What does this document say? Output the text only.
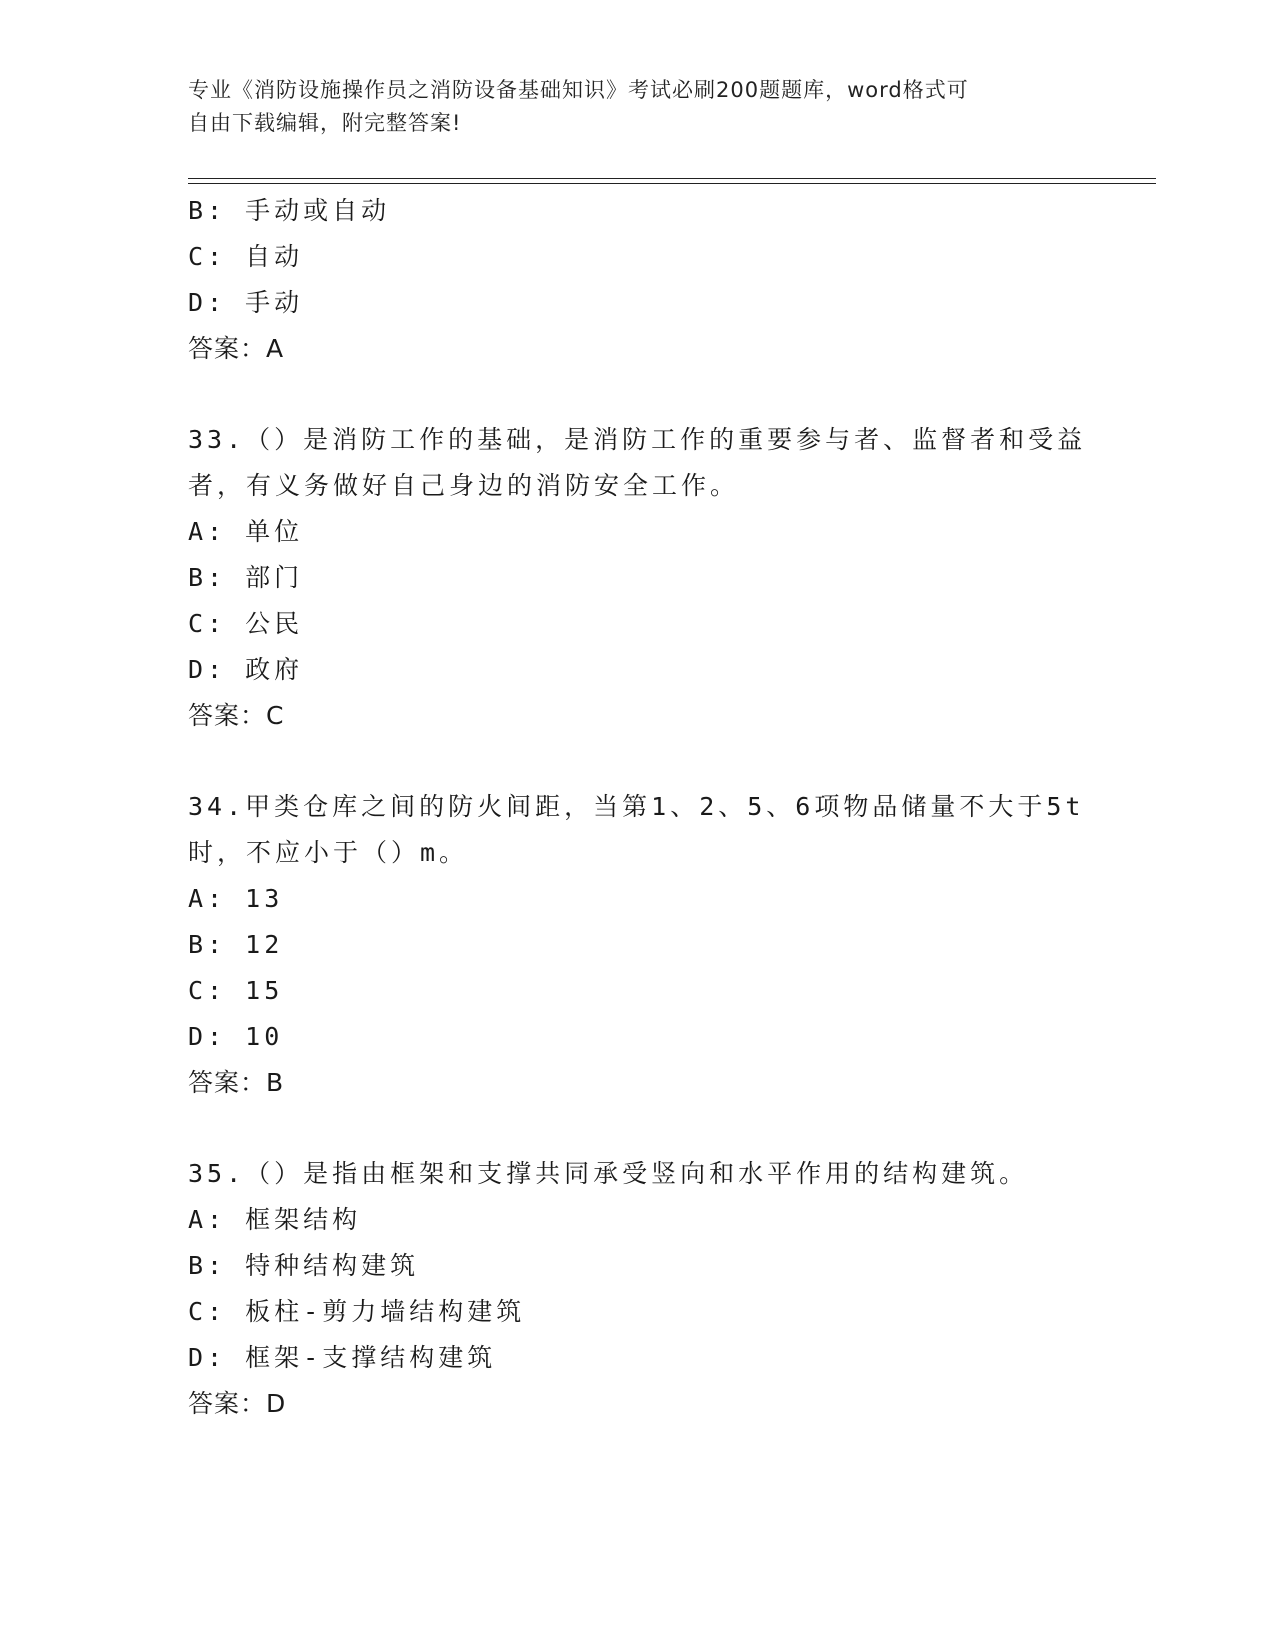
专业《消防设施操作员之消防设备基础知识》考试必刷200题题库，word格式可
自由下载编辑，附完整答案!
B: 手动或自动
C: 自动
D: 手动
答案：A
33.（）是消防工作的基础，是消防工作的重要参与者、监督者和受益
者，有义务做好自己身边的消防安全工作。
A: 单位
B: 部门
C: 公民
D: 政府
答案：C
34.甲类仓库之间的防火间距，当第1、2、5、6项物品储量不大于5t
时，不应小于（）m。
A: 13
B: 12
C: 15
D: 10
答案：B
35.（）是指由框架和支撑共同承受竖向和水平作用的结构建筑。
A: 框架结构
B: 特种结构建筑
C: 板柱-剪力墙结构建筑
D: 框架-支撑结构建筑
答案：D
